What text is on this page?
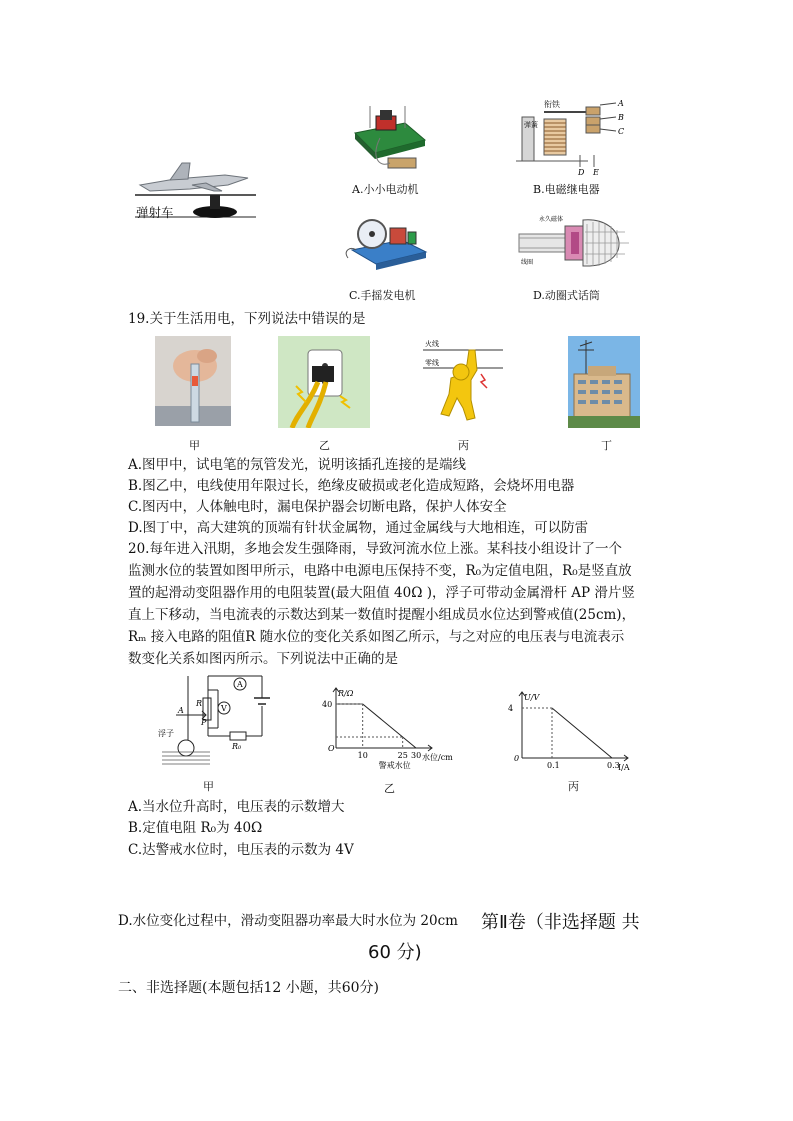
弹射车
A.小小电动机
衔铁
弹簧
A
B
C
D E
B.电磁继电器
C.手摇发电机
永久磁体
线圈
D.动圈式话筒
19.关于生活用电，下列说法中错误的是
火线
零线
甲	乙	丙	丁
A.图甲中，试电笔的氖管发光，说明该插孔连接的是端线
B.图乙中，电线使用年限过长，绝缘皮破损或老化造成短路，会烧坏用电器
C.图丙中，人体触电时，漏电保护器会切断电路，保护人体安全
D.图丁中，高大建筑的顶端有针状金属物，通过金属线与大地相连，可以防雷
20.每年进入汛期，多地会发生强降雨，导致河流水位上涨。某科技小组设计了一个
监测水位的装置如图甲所示，电路中电源电压保持不变，R₀为定值电阻，R₀是竖直放
置的起滑动变阻器作用的电阻装置(最大阻值 40Ω )，浮子可带动金属滑杆 AP 滑片竖
直上下移动，当电流表的示数达到某一数值时提醒小组成员水位达到警戒值(25cm)，
Rₘ 接入电路的阻值R 随水位的变化关系如图乙所示，与之对应的电压表与电流表示
数变化关系如图丙所示。下列说法中正确的是
A
V
A
R
P
R₀
浮子
甲
R/Ω
水位/cm
O
40
10	25 30
警戒水位
乙
U/V
I/A
0
4
0.1	0.3
丙
A.当水位升高时，电压表的示数增大
B.定值电阻 R₀为 40Ω
C.达警戒水位时，电压表的示数为 4V
D.水位变化过程中，滑动变阻器功率最大时水位为 20cm 第Ⅱ卷（非选择题 共
60 分)
二、非选择题(本题包括12 小题，共60分)
